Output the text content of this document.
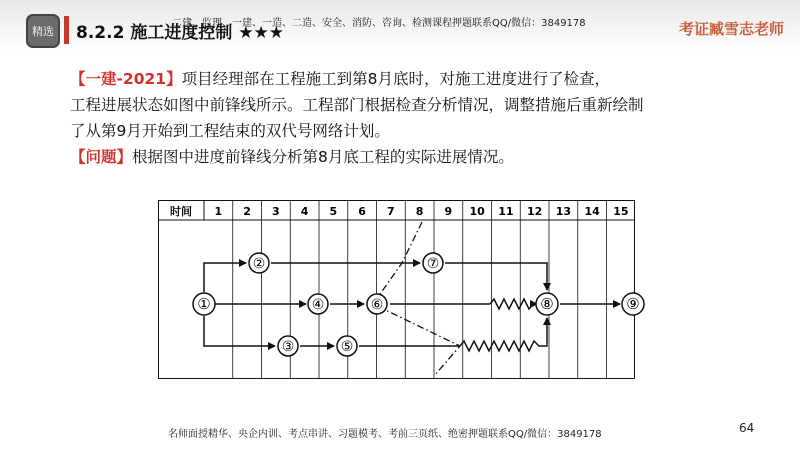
精选 8.2.2 施工进度控制 ★★★
二建、监理、一建、一造、二造、安全、消防、咨询、检测课程押题联系QQ/微信：3849178	考证臧雪志老师
【一建-2021】项目经理部在工程施工到第8月底时，对施工进度进行了检查，
工程进展状态如图中前锋线所示。工程部门根据检查分析情况，调整措施后重新绘制
了从第9月开始到工程结束的双代号网络计划。
【问题】根据图中进度前锋线分析第8月底工程的实际进展情况。
时间 1 2 3 4 5 6 7 8 9 10 11 12 13 14 15
①
②
③
④
⑤
⑥
⑦
⑧	⑨
名师面授精华、央企内训、考点串讲、习题模考、考前三页纸、绝密押题联系QQ/微信：3849178	64
